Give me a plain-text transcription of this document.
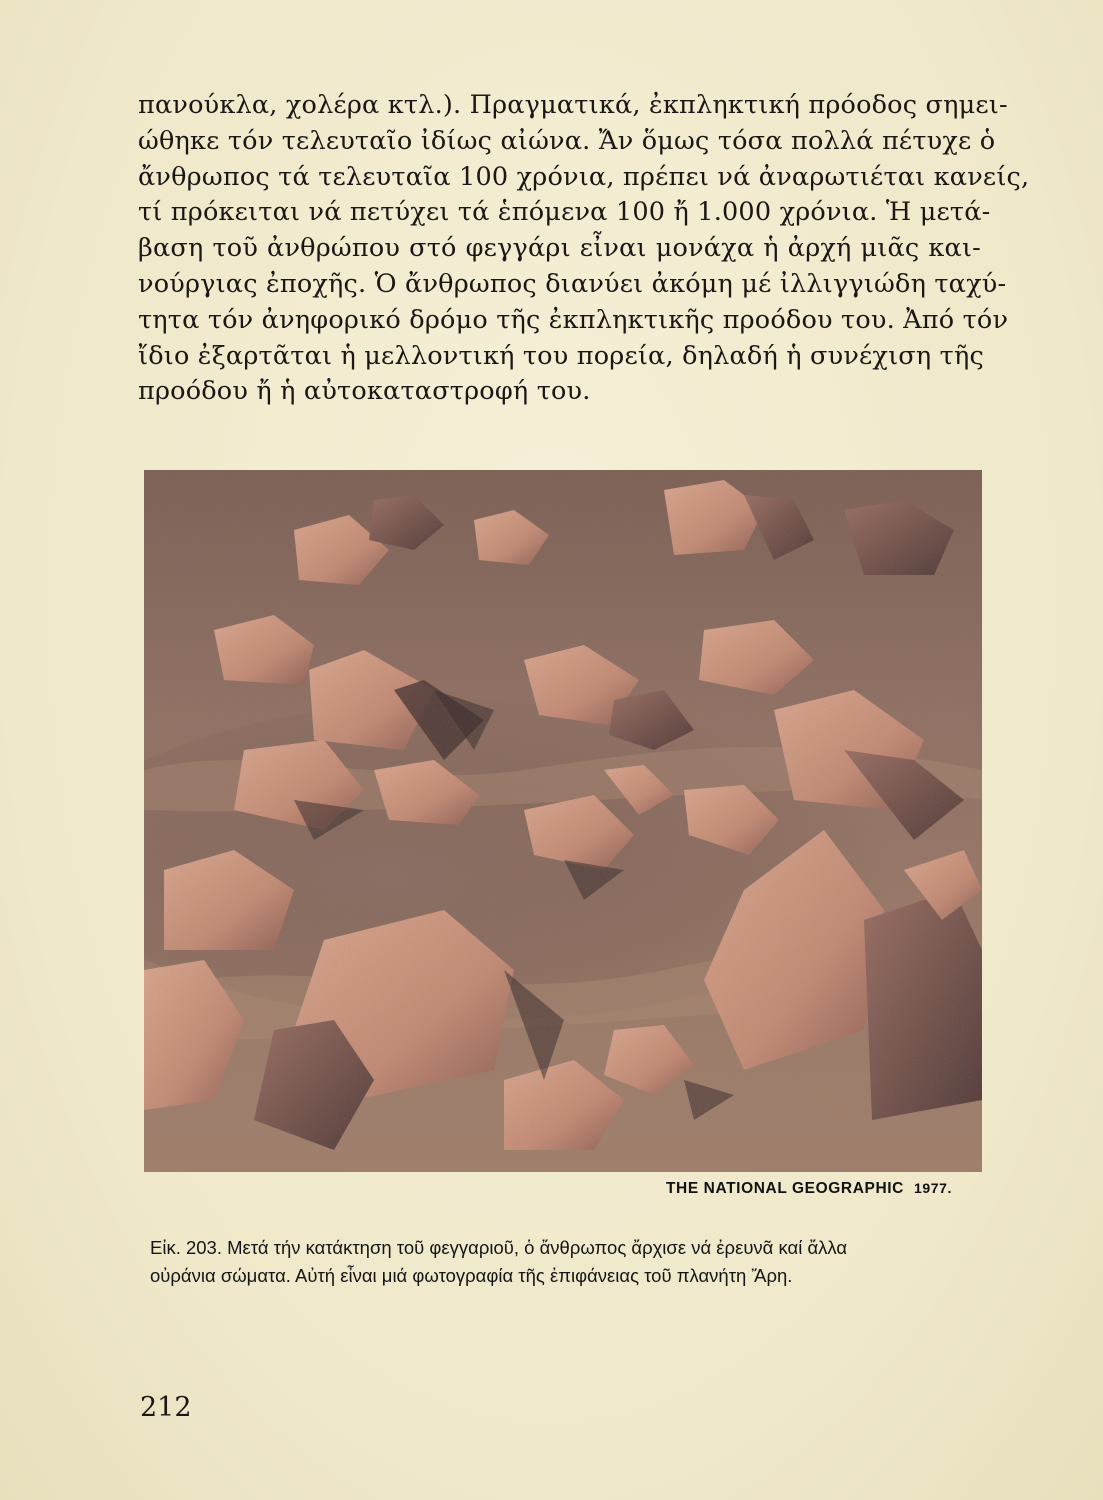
πανούκλα, χολέρα κτλ.). Πραγματικά, ἐκπληκτική πρόοδος σημει-
ώθηκε τόν τελευταῖο ἰδίως αἰώνα. Ἄν ὅμως τόσα πολλά πέτυχε ὁ
ἄνθρωπος τά τελευταῖα 100 χρόνια, πρέπει νά ἀναρωτιέται κανείς,
τί πρόκειται νά πετύχει τά ἑπόμενα 100 ἤ 1.000 χρόνια. Ἡ μετά-
βαση τοῦ ἀνθρώπου στό φεγγάρι εἶναι μονάχα ἡ ἀρχή μιᾶς και-
νούργιας ἐποχῆς. Ὁ ἄνθρωπος διανύει ἀκόμη μέ ἰλλιγγιώδη ταχύ-
τητα τόν ἀνηφορικό δρόμο τῆς ἐκπληκτικῆς προόδου του. Ἀπό τόν
ἴδιο ἐξαρτᾶται ἡ μελλοντική του πορεία, δηλαδή ἡ συνέχιση τῆς
προόδου ἤ ἡ αὐτοκαταστροφή του.
THE NATIONAL GEOGRAPHIC 1977.
Εἰκ. 203. Μετά τήν κατάκτηση τοῦ φεγγαριοῦ, ὁ ἄνθρωπος ἄρχισε νά ἐρευνᾶ καί ἄλλα
οὐράνια σώματα. Αὐτή εἶναι μιά φωτογραφία τῆς ἐπιφάνειας τοῦ πλανήτη Ἄρη.
212
